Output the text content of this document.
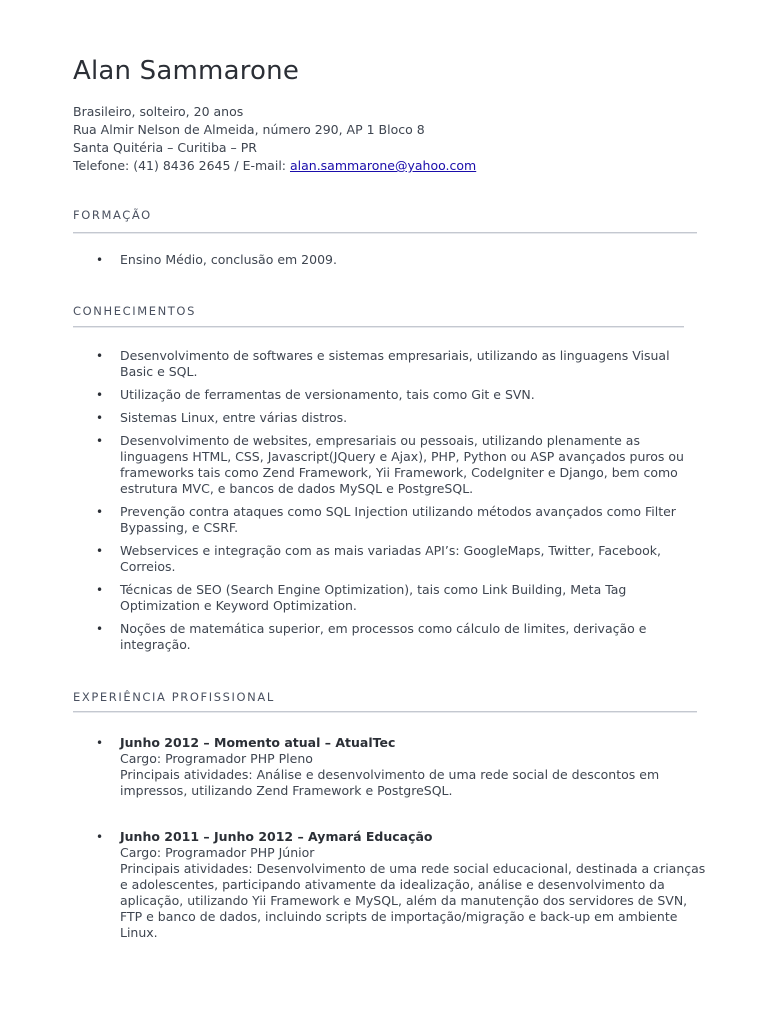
Alan Sammarone
Brasileiro, solteiro, 20 anos
Rua Almir Nelson de Almeida, número 290, AP 1 Bloco 8
Santa Quitéria – Curitiba – PR
Telefone: (41) 8436 2645 / E-mail: alan.sammarone@yahoo.com
FORMAÇÃO
• Ensino Médio, conclusão em 2009.
CONHECIMENTOS
• Desenvolvimento de softwares e sistemas empresariais, utilizando as linguagens Visual Basic e SQL.
• Utilização de ferramentas de versionamento, tais como Git e SVN.
• Sistemas Linux, entre várias distros.
• Desenvolvimento de websites, empresariais ou pessoais, utilizando plenamente as linguagens HTML, CSS, Javascript(JQuery e Ajax), PHP, Python ou ASP avançados puros ou frameworks tais como Zend Framework, Yii Framework, CodeIgniter e Django, bem como estrutura MVC, e bancos de dados MySQL e PostgreSQL.
• Prevenção contra ataques como SQL Injection utilizando métodos avançados como Filter Bypassing, e CSRF.
• Webservices e integração com as mais variadas API’s: GoogleMaps, Twitter, Facebook, Correios.
• Técnicas de SEO (Search Engine Optimization), tais como Link Building, Meta Tag Optimization e Keyword Optimization.
• Noções de matemática superior, em processos como cálculo de limites, derivação e integração.
EXPERIÊNCIA PROFISSIONAL
• Junho 2012 – Momento atual – AtualTec
Cargo: Programador PHP Pleno
Principais atividades: Análise e desenvolvimento de uma rede social de descontos em impressos, utilizando Zend Framework e PostgreSQL.
• Junho 2011 – Junho 2012 – Aymará Educação
Cargo: Programador PHP Júnior
Principais atividades: Desenvolvimento de uma rede social educacional, destinada a crianças e adolescentes, participando ativamente da idealização, análise e desenvolvimento da aplicação, utilizando Yii Framework e MySQL, além da manutenção dos servidores de SVN, FTP e banco de dados, incluindo scripts de importação/migração e back-up em ambiente Linux.
